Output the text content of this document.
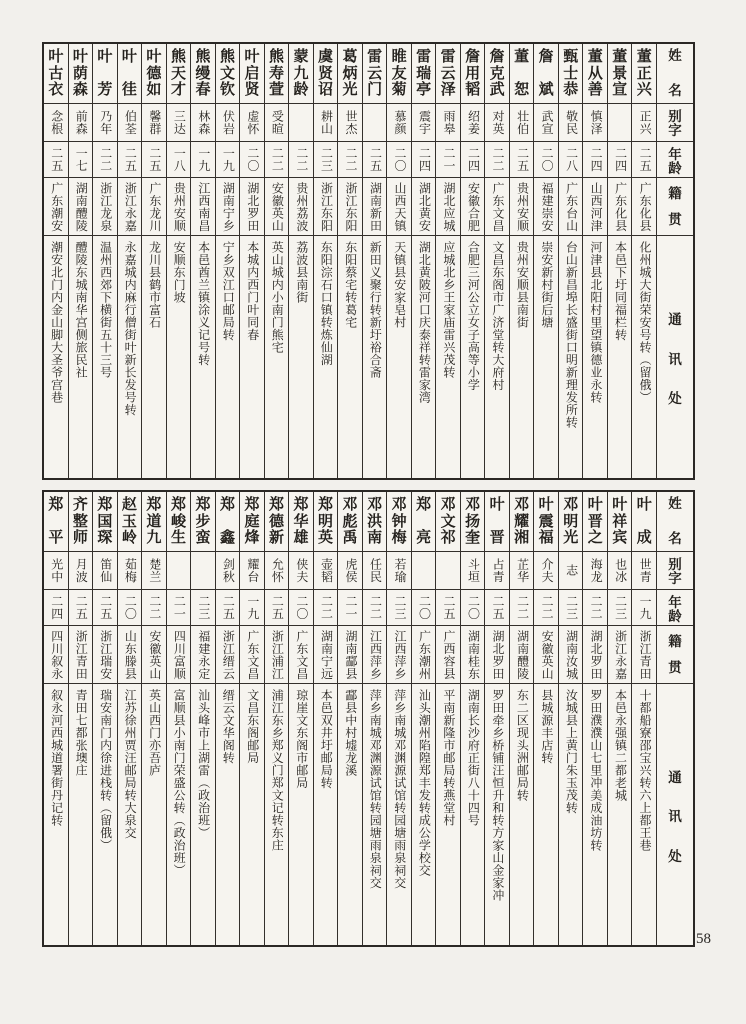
姓
名
别
字
年
龄
籍
贯
通
讯
处
董
正
兴
正兴
二五
广东化县
化州城大街荣安号转（留俄）
董
景
宣
二四
广东化县
本邑下圩同福栏转
董
从
善
慎泽
二四
山西河津
河津县北阳村里望镇德业永转
甄
士
恭
敬民
二八
广东台山
台山新昌埠长盛街口明新理发所转
詹
斌
武宣
二〇
福建崇安
崇安新村街后塘
董
恕
壮伯
二五
贵州安顺
贵州安顺县南街
詹
克
武
对英
二二
广东文昌
文昌东阁市广济堂转大府村
詹
用
韬
绍姜
二四
安徽合肥
合肥三河公立女子高等小学
雷
云
泽
雨皋
二一
湖北应城
应城北乡王家庙雷兴茂转
雷
瑞
亭
震宇
二四
湖北黄安
湖北黄陂河口庆泰祥转雷家湾
睢
友
菊
慕颜
二〇
山西天镇
天镇县安家皂村
雷
云
门
二五
湖南新田
新田义聚行转新圩裕合斋
葛
炳
光
世杰
二二
浙江东阳
东阳蔡宅转葛宅
虞
贤
诏
耕山
二三
浙江东阳
东阳淙石口镇转炼仙湖
蒙
九
龄
二二
贵州荔波
荔波县南街
熊
寿
萱
受暄
二二
安徽英山
英山城内小南门熊宅
叶
启
贤
虚怀
二〇
湖北罗田
本城内西门叶同春
熊
文
钦
伏岩
一九
湖南宁乡
宁乡双江口邮局转
熊
缦
春
林森
一九
江西南昌
本邑酋兰镇涂义记号转
熊
天
才
三达
一八
贵州安顺
安顺东门坡
叶
德
如
馨群
二五
广东龙川
龙川县鹤市富石
叶
徍
伯荃
二五
浙江永嘉
永嘉城内麻行僧街叶新长发号转
叶
芳
乃年
二二
浙江龙泉
温州西郊下横街五十三号
叶
荫
森
前森
一七
湖南醴陵
醴陵东城南华宫侧旅民社
叶
古
衣
念根
二五
广东潮安
潮安北门内金山脚大圣爷宫巷
姓
名
别
字
年
龄
籍
贯
通
讯
处
叶
成
世青
一九
浙江青田
十都船寮邵宝兴转六上都王巷
叶
祥
宾
也冰
二三
浙江永嘉
本邑永强镇二都老城
叶
晋
之
海龙
二二
湖北罗田
罗田濮濮山七里冲美成油坊转
邓
明
光
志
二三
湖南汝城
汝城县上黄门朱玉茂转
叶
震
福
介夫
二二
安徽英山
县城源丰店转
邓
耀
湘
芷华
二二
湖南醴陵
东二区现头洲邮局转
叶
晋
占青
二五
湖北罗田
罗田牵乡桥铺汪恒升和转方家山金家冲
邓
扬
奎
斗垣
二〇
湖南桂东
湖南长沙府正街八十四号
邓
文
祁
二五
广西容县
平南新隆市邮局转燕堂村
郑
亮
二〇
广东潮州
汕头潮州陷隍郑丰发转成公学校交
邓
钟
梅
若瑜
二三
江西萍乡
萍乡南城邓渊源试馆转园塘雨泉祠交
邓
洪
南
任民
二二
江西萍乡
萍乡南城邓渊源试馆转园塘雨泉祠交
邓
彪
禹
虎侯
二一
湖南酃县
酃县中村墟龙溪
郑
明
英
壶韬
二二
湖南宁远
本邑双井圩邮局转
郑
华
雄
侠夫
二〇
广东文昌
琼崖文东阁市邮局
郑
德
新
允怀
二五
浙江浦江
浦江东乡郑义门郑文记转东庄
郑
庭
烽
耀台
一九
广东文昌
文昌东阁邮局
郑
鑫
剑秋
二五
浙江缙云
缙云文华阁转
郑
步
蛮
二三
福建永定
汕头峰市上湖雷（政治班）
郑
峻
生
二一
四川富顺
富顺县小南门荣盛公转（政治班）
郑
道
九
楚兰
二二
安徽英山
英山西门亦吾庐
赵
玉
岭
茹梅
二〇
山东滕县
江苏徐州贾汪邮局转大泉交
郑
国
琛
笛仙
二五
浙江瑞安
瑞安南门内徐进栈转（留俄）
齐
整
师
月波
二五
浙江青田
青田七都张墺庄
郑
平
光中
二四
四川叙永
叙永河西城道署街丹记转
58
